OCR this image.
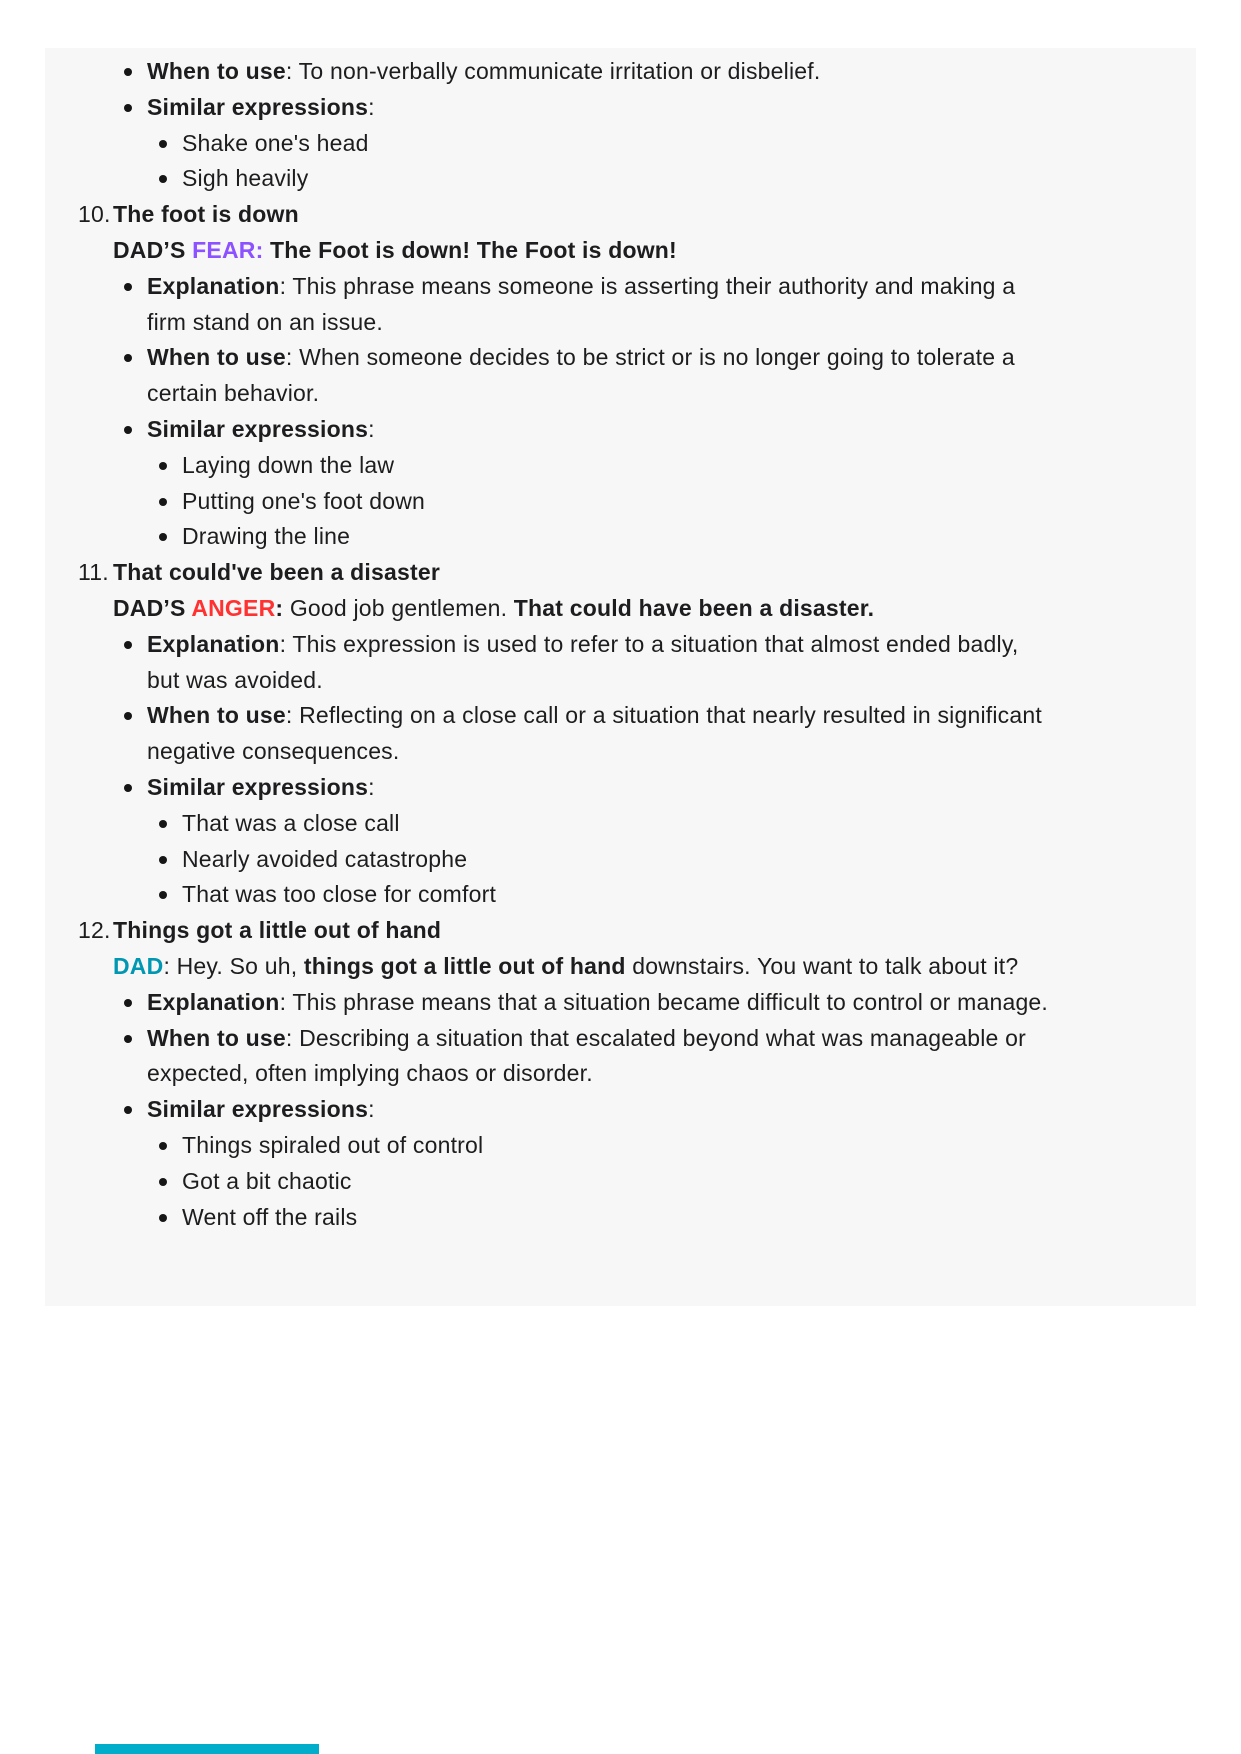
When to use: To non-verbally communicate irritation or disbelief.
Similar expressions:
Shake one's head
Sigh heavily
10. The foot is down
DAD’S FEAR: The Foot is down! The Foot is down!
Explanation: This phrase means someone is asserting their authority and making a firm stand on an issue.
When to use: When someone decides to be strict or is no longer going to tolerate a certain behavior.
Similar expressions:
Laying down the law
Putting one's foot down
Drawing the line
11. That could've been a disaster
DAD’S ANGER: Good job gentlemen. That could have been a disaster.
Explanation: This expression is used to refer to a situation that almost ended badly, but was avoided.
When to use: Reflecting on a close call or a situation that nearly resulted in significant negative consequences.
Similar expressions:
That was a close call
Nearly avoided catastrophe
That was too close for comfort
12. Things got a little out of hand
DAD: Hey. So uh, things got a little out of hand downstairs. You want to talk about it?
Explanation: This phrase means that a situation became difficult to control or manage.
When to use: Describing a situation that escalated beyond what was manageable or expected, often implying chaos or disorder.
Similar expressions:
Things spiraled out of control
Got a bit chaotic
Went off the rails
